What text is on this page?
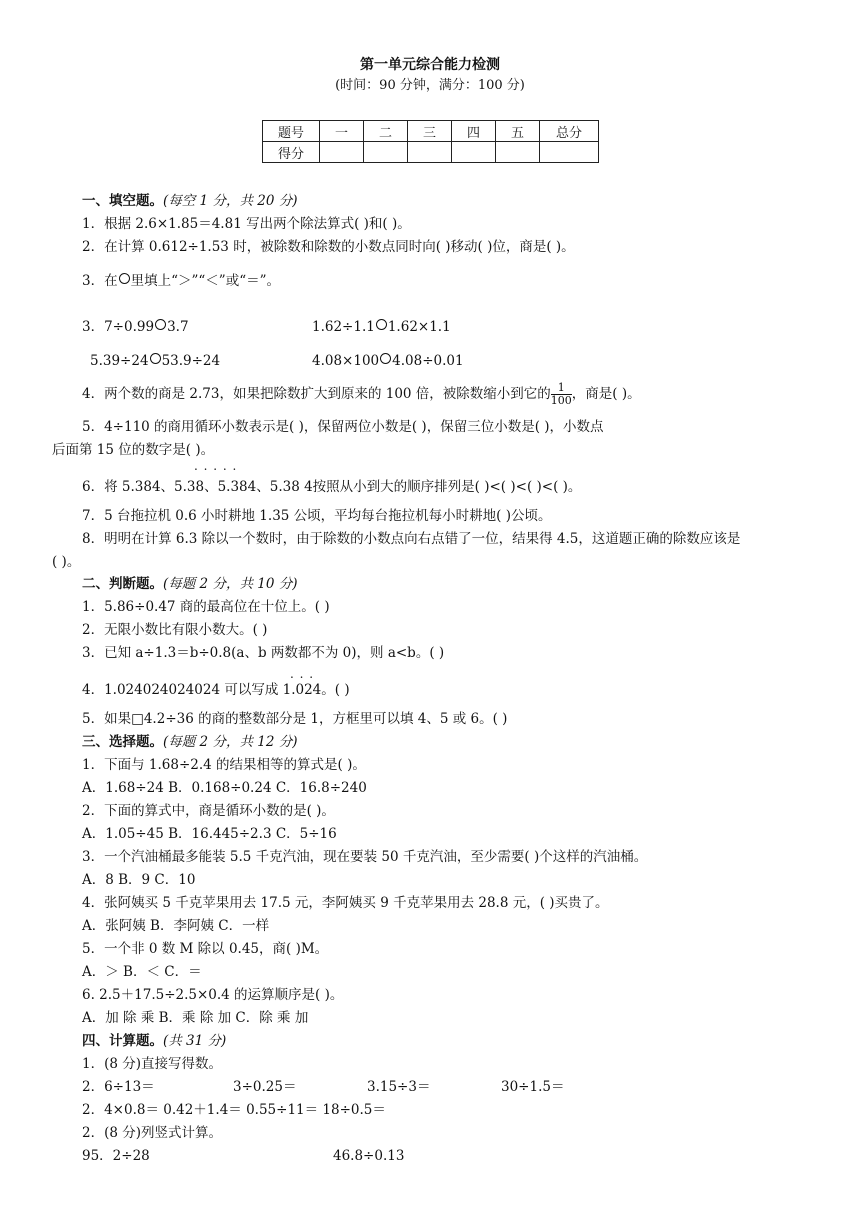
第一单元综合能力检测
(时间：90 分钟，满分：100 分)
题号	一	二	三	四	五	总分
得分						
一、填空题。(每空 1 分，共 20 分)
1．根据 2.6×1.85＝4.81 写出两个除法算式( )和( )。
2．在计算 0.612÷1.53 时，被除数和除数的小数点同时向( )移动( )位，商是( )。
3．在 里填上“＞”“＜”或“＝”。
3．7÷0.99 3.7	1.62÷1.1 1.62×1.1
5.39÷24 53.9÷24	4.08×100 4.08÷0.01
4．两个数的商是 2.73，如果把除数扩大到原来的 100 倍，被除数缩小到它的 $\frac{1}{100}$ ，商是( )。
5．4÷110 的商用循环小数表示是( )，保留两位小数是( )，保留三位小数是( )，小数点
后面第 15 位的数字是( )。
. . . . .
6．将 5.384、5.38、5.384、5.38 4按照从小到大的顺序排列是( )<( )<( )<( )。
7．5 台拖拉机 0.6 小时耕地 1.35 公顷，平均每台拖拉机每小时耕地( )公顷。
8．明明在计算 6.3 除以一个数时，由于除数的小数点向右点错了一位，结果得 4.5，这道题正确的除数应该是
( )。
二、判断题。(每题 2 分，共 10 分)
1．5.86÷0.47 商的最高位在十位上。( )
2．无限小数比有限小数大。( )
3．已知 a÷1.3＝b÷0.8(a、b 两数都不为 0)，则 a<b。( )
. . .
4．1.024024024024 可以写成 1.024。( )
5．如果□4.2÷36 的商的整数部分是 1，方框里可以填 4、5 或 6。( )
三、选择题。(每题 2 分，共 12 分)
1．下面与 1.68÷2.4 的结果相等的算式是( )。
A．1.68÷24 B．0.168÷0.24 C．16.8÷240
2．下面的算式中，商是循环小数的是( )。
A．1.05÷45 B．16.445÷2.3 C．5÷16
3．一个汽油桶最多能装 5.5 千克汽油，现在要装 50 千克汽油，至少需要( )个这样的汽油桶。
A．8 B．9 C．10
4．张阿姨买 5 千克苹果用去 17.5 元，李阿姨买 9 千克苹果用去 28.8 元，( )买贵了。
A．张阿姨 B．李阿姨 C．一样
5．一个非 0 数 M 除以 0.45，商( )M。
A．＞ B．＜ C．＝
6. 2.5＋17.5÷2.5×0.4 的运算顺序是( )。
A．加 除 乘 B．乘 除 加 C．除 乘 加
四、计算题。(共 31 分)
1．(8 分)直接写得数。
2．6÷13＝	3÷0.25＝	3.15÷3＝	30÷1.5＝
2．4×0.8＝ 0.42＋1.4＝ 0.55÷11＝ 18÷0.5＝
2．(8 分)列竖式计算。
95．2÷28	46.8÷0.13
